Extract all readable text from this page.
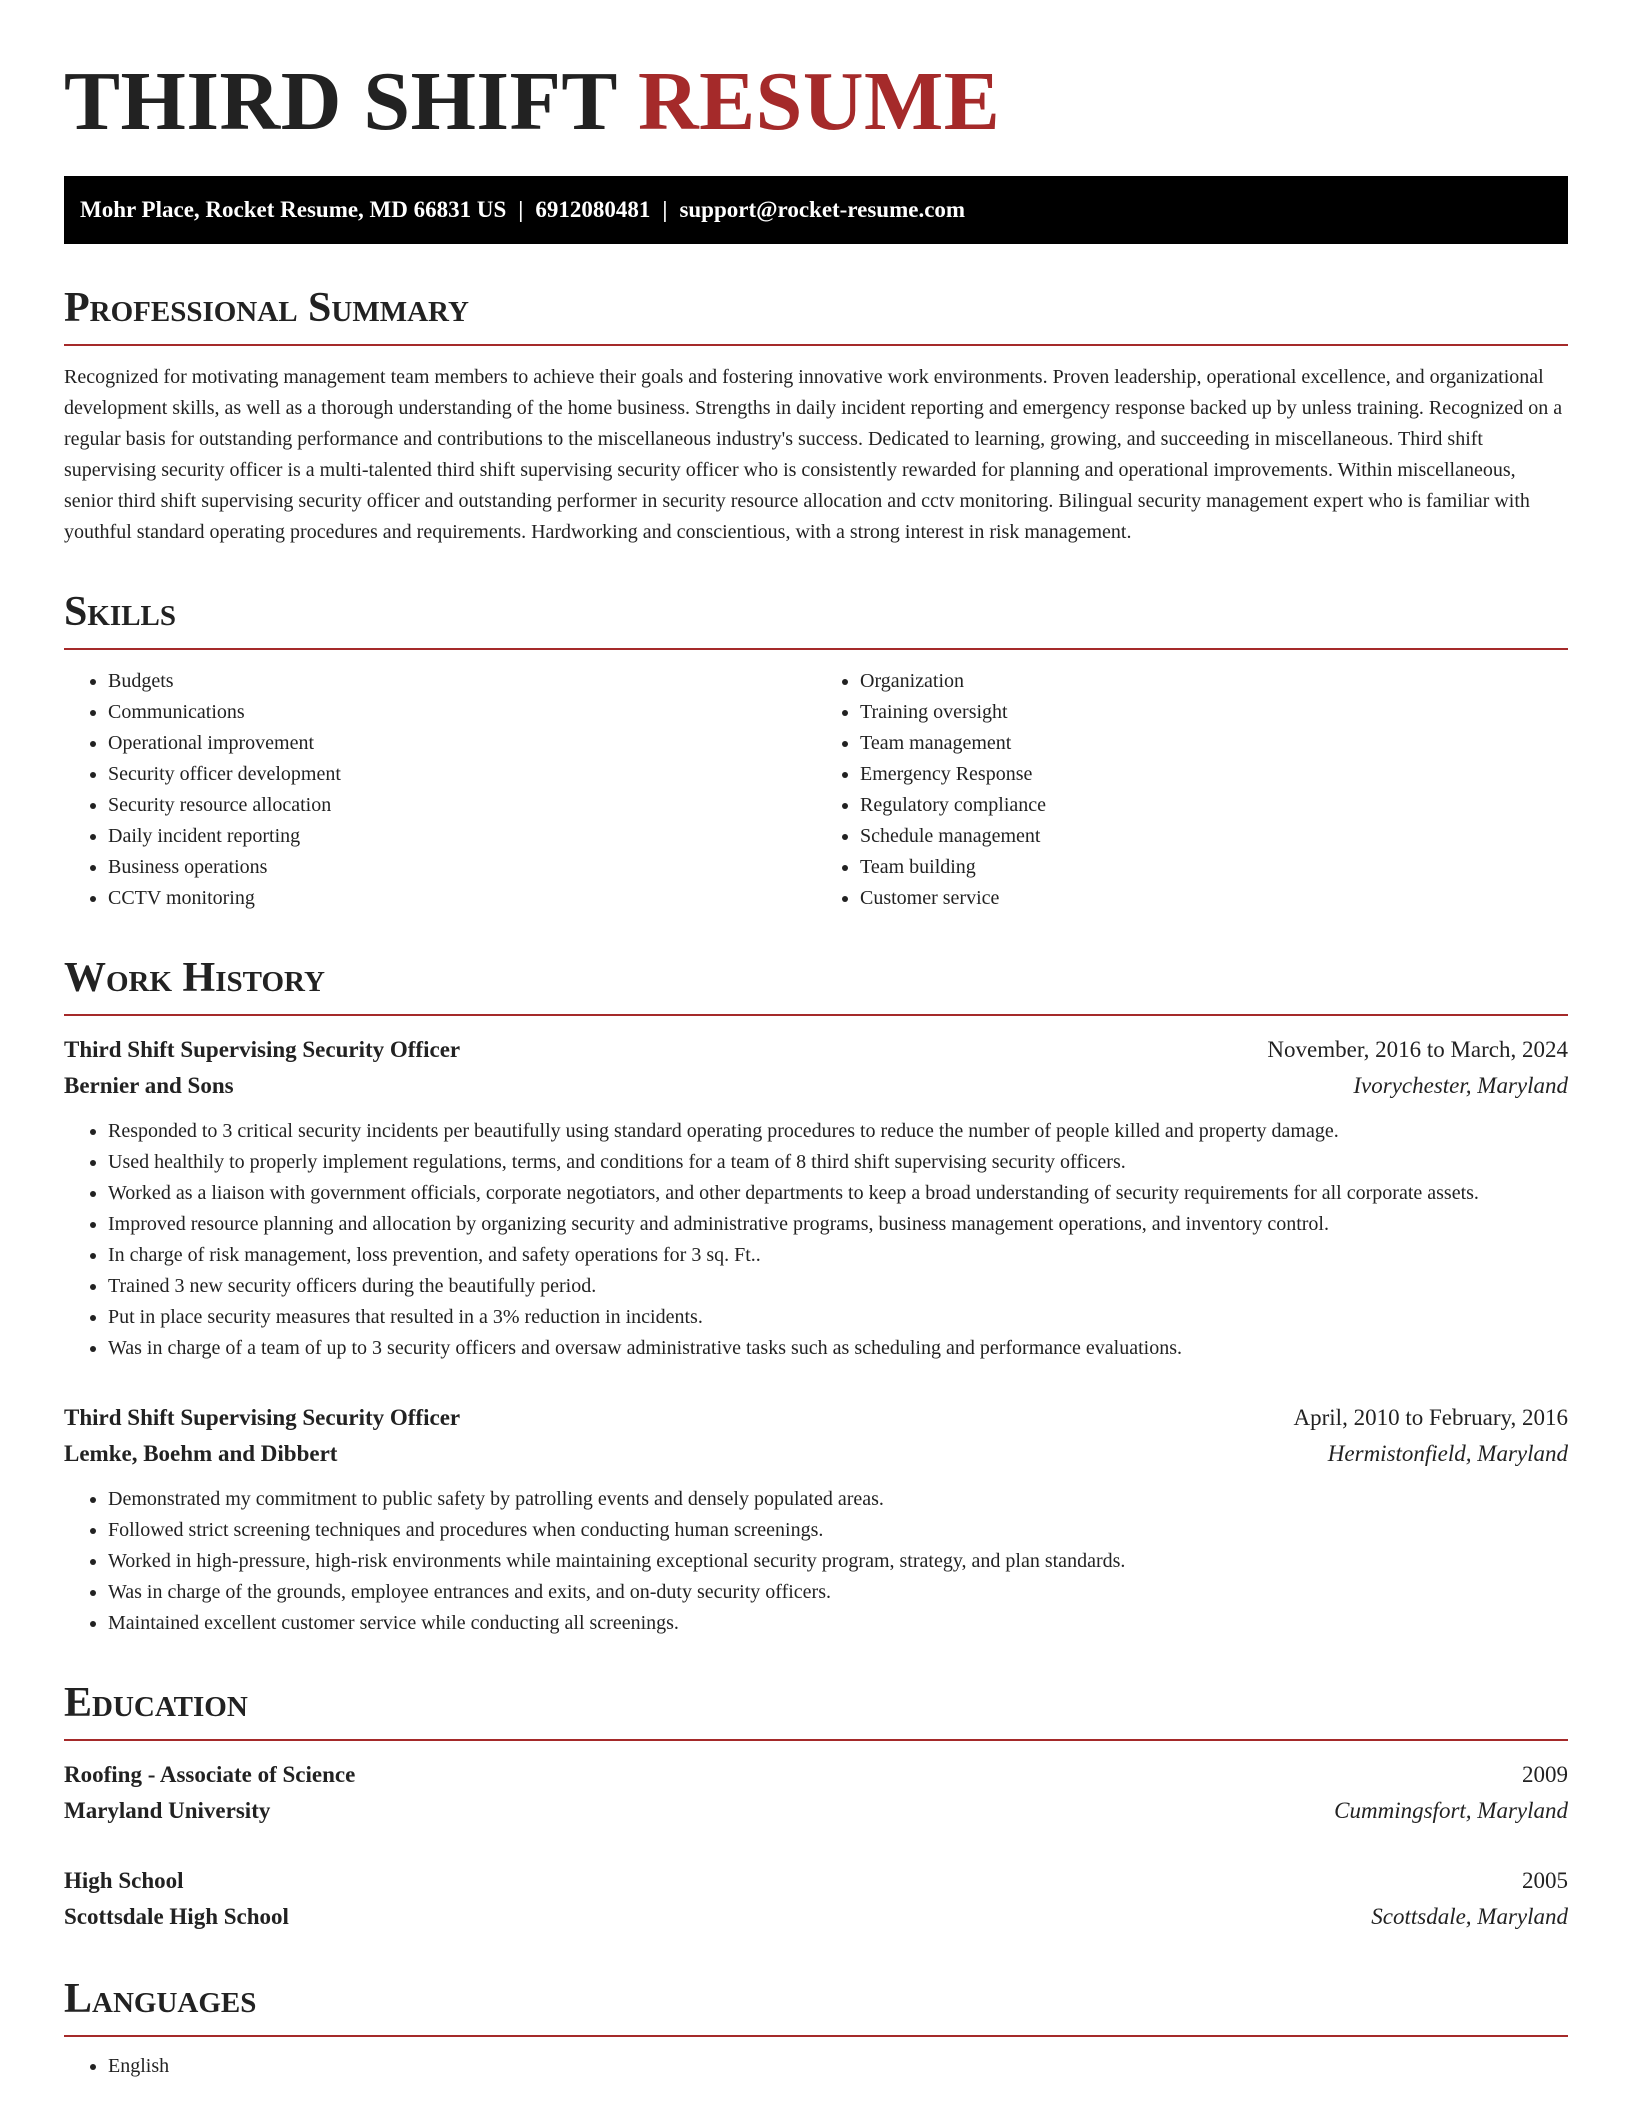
THIRD SHIFT RESUME
Mohr Place, Rocket Resume, MD 66831 US | 6912080481 | support@rocket-resume.com
Professional Summary

Recognized for motivating management team members to achieve their goals and fostering innovative work environments. Proven leadership, operational excellence, and organizational development skills, as well as a thorough understanding of the home business. Strengths in daily incident reporting and emergency response backed up by unless training. Recognized on a regular basis for outstanding performance and contributions to the miscellaneous industry's success. Dedicated to learning, growing, and succeeding in miscellaneous. Third shift supervising security officer is a multi-talented third shift supervising security officer who is consistently rewarded for planning and operational improvements. Within miscellaneous, senior third shift supervising security officer and outstanding performer in security resource allocation and cctv monitoring. Bilingual security management expert who is familiar with youthful standard operating procedures and requirements. Hardworking and conscientious, with a strong interest in risk management.

Skills
• Budgets
• Communications
• Operational improvement
• Security officer development
• Security resource allocation
• Daily incident reporting
• Business operations
• CCTV monitoring
• Organization
• Training oversight
• Team management
• Emergency Response
• Regulatory compliance
• Schedule management
• Team building
• Customer service
Work History
Third Shift Supervising Security Officer	November, 2016 to March, 2024
Bernier and Sons	Ivorychester, Maryland
• Responded to 3 critical security incidents per beautifully using standard operating procedures to reduce the number of people killed and property damage.
• Used healthily to properly implement regulations, terms, and conditions for a team of 8 third shift supervising security officers.
• Worked as a liaison with government officials, corporate negotiators, and other departments to keep a broad understanding of security requirements for all corporate assets.
• Improved resource planning and allocation by organizing security and administrative programs, business management operations, and inventory control.
• In charge of risk management, loss prevention, and safety operations for 3 sq. Ft..
• Trained 3 new security officers during the beautifully period.
• Put in place security measures that resulted in a 3% reduction in incidents.
• Was in charge of a team of up to 3 security officers and oversaw administrative tasks such as scheduling and performance evaluations.
Third Shift Supervising Security Officer	April, 2010 to February, 2016
Lemke, Boehm and Dibbert	Hermistonfield, Maryland
• Demonstrated my commitment to public safety by patrolling events and densely populated areas.
• Followed strict screening techniques and procedures when conducting human screenings.
• Worked in high-pressure, high-risk environments while maintaining exceptional security program, strategy, and plan standards.
• Was in charge of the grounds, employee entrances and exits, and on-duty security officers.
• Maintained excellent customer service while conducting all screenings.
Education
Roofing - Associate of Science	2009
Maryland University	Cummingsfort, Maryland
High School	2005
Scottsdale High School	Scottsdale, Maryland
Languages
• English
